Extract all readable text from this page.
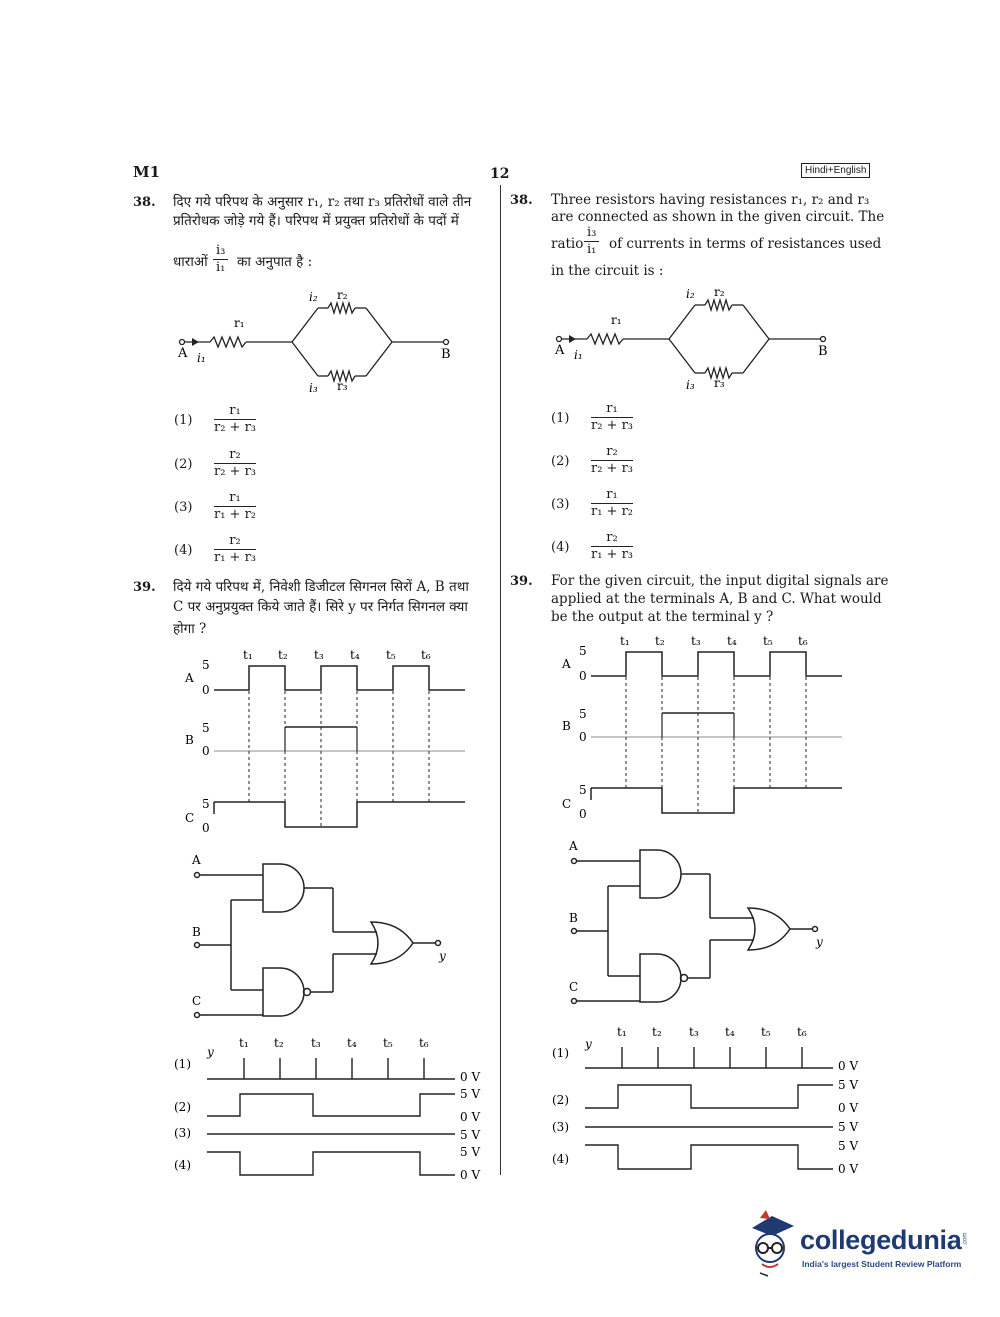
M1	12	Hindi+English
38. दिए गये परिपथ के अनुसार r₁, r₂ तथा r₃ प्रतिरोधों वाले तीन
प्रतिरोधक जोड़े गये हैं। परिपथ में प्रयुक्त प्रतिरोधों के पदों में
धाराओं $\frac{\text{i₃}}{\text{i₁}}$ का अनुपात है :
A i₁
r₁
i₂ r₂
i₃ r₃
B
$(1) \frac{\text{r₁}}{\text{r₂ + r₃}}$
$(2) \frac{\text{r₂}}{\text{r₂ + r₃}}$
$(3) \frac{\text{r₁}}{\text{r₁ + r₂}}$
$(4) \frac{\text{r₂}}{\text{r₁ + r₃}}$
39. दिये गये परिपथ में, निवेशी डिजीटल सिगनल सिरों A, B तथा
C पर अनुप्रयुक्त किये जाते हैं। सिरे y पर निर्गत सिगनल क्या
होगा ?
t₁ t₂ t₃ t₄ t₅ t₆
A
5
0
B
5
0
C
5
0
A
B
C
y
y
t₁ t₂ t₃ t₄ t₅ t₆
(1)
(2)
(3)
(4)
0 V
5 V
0 V
5 V
5 V
0 V
38. Three resistors having resistances r₁, r₂ and r₃
are connected as shown in the given circuit. The
ratio $\frac{\text{i₃}}{\text{i₁}}$ of currents in terms of resistances used
in the circuit is :
A i₁
r₁
i₂ r₂
i₃ r₃
B
$(1) \frac{\text{r₁}}{\text{r₂ + r₃}}$
$(2) \frac{\text{r₂}}{\text{r₂ + r₃}}$
$(3) \frac{\text{r₁}}{\text{r₁ + r₂}}$
$(4) \frac{\text{r₂}}{\text{r₁ + r₃}}$
39. For the given circuit, the input digital signals are
applied at the terminals A, B and C. What would
be the output at the terminal y ?
t₁ t₂ t₃ t₄ t₅ t₆
A
5
0
B
5
0
C
5
0
A
B
C
y
y
t₁ t₂ t₃ t₄ t₅ t₆
(1)
(2)
(3)
(4)
0 V
5 V
0 V
5 V
5 V
0 V
collegedunia .com
India's largest Student Review Platform
